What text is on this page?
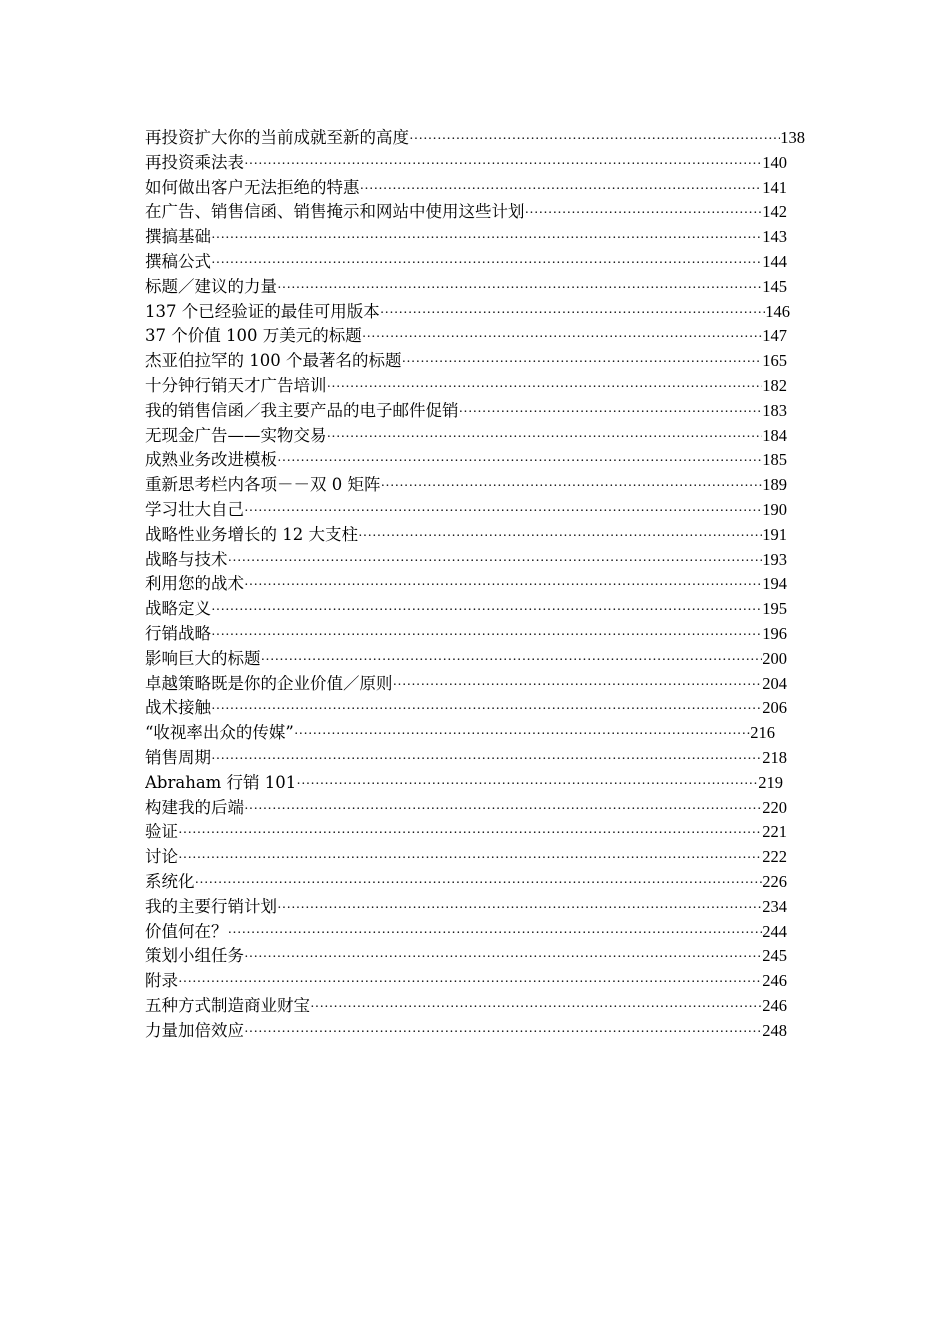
再投资扩大你的当前成就至新的高度 ·····	138
再投资乘法表 ·····	140
如何做出客户无法拒绝的特惠 ·····	141
在广告、销售信函、销售掩示和网站中使用这些计划 ·····	142
撰搞基础 ·····	143
撰稿公式 ·····	144
标题／建议的力量 ·····	145
137 个已经验证的最佳可用版本 ·····	146
37 个价值 100 万美元的标题 ·····	147
杰亚伯拉罕的 100 个最著名的标题 ·····	165
十分钟行销天才广告培训 ·····	182
我的销售信函／我主要产品的电子邮件促销 ·····	183
无现金广告——实物交易 ·····	184
成熟业务改进模板 ·····	185
重新思考栏内各项－－双 0 矩阵 ·····	189
学习壮大自己 ·····	190
战略性业务增长的 12 大支柱 ·····	191
战略与技术 ·····	193
利用您的战术 ·····	194
战略定义 ·····	195
行销战略 ·····	196
影响巨大的标题 ·····	200
卓越策略既是你的企业价值／原则 ·····	204
战术接触 ·····	206
“收视率出众的传媒” ·····	216
销售周期 ·····	218
Abraham 行销 101 ·····	219
构建我的后端 ·····	220
验证 ·····	221
讨论 ·····	222
系统化 ·····	226
我的主要行销计划 ·····	234
价值何在？ ·····	244
策划小组任务 ·····	245
附录 ·····	246
五种方式制造商业财宝 ·····	246
力量加倍效应 ·····	248
